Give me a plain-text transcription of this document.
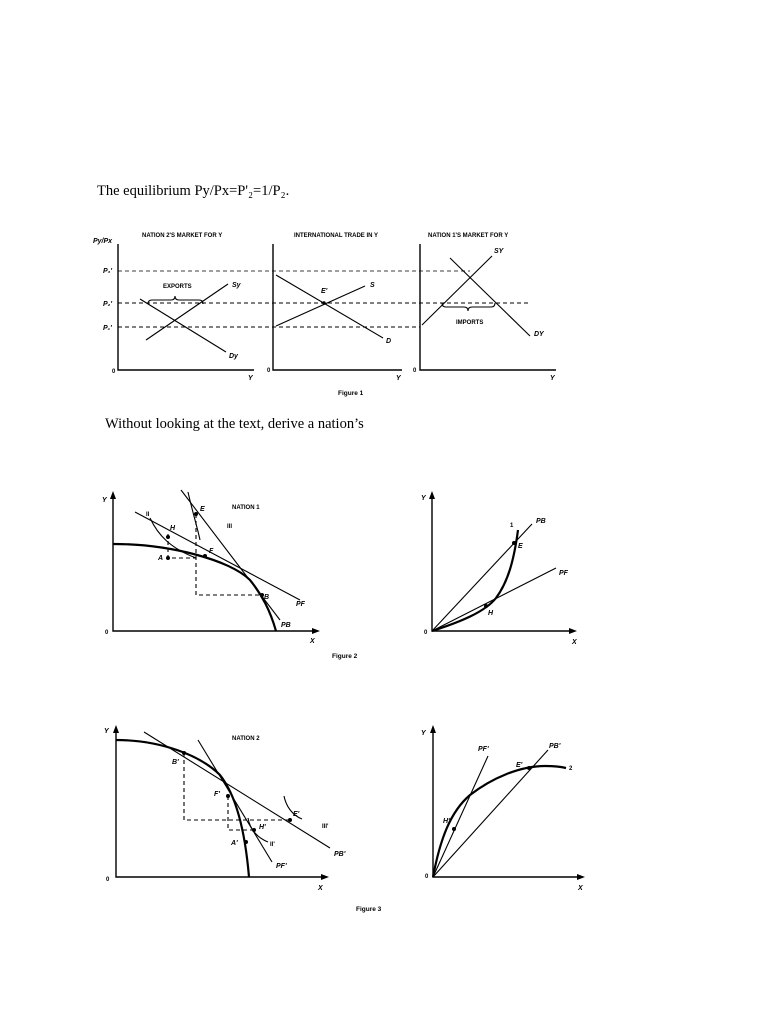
The equilibrium Py/Px=P'₂=1/P₂.
Without looking at the text, derive a nation’s
NATION 2'S MARKET FOR Y	INTERNATIONAL TRADE IN Y	NATION 1'S MARKET FOR Y
Py/Px
P₃'
P₂'
P₁'
EXPORTS	Sy
Dy
0
Y
E'
S
D
0
Y
IMPORTS
SY
DY
0
Y
Figure 1
NATION 1
E
H
A
F
B
II
III
PF
PB
0
Y
X
1
E
H
PB
PF
0
Y
X
Figure 2
NATION 2
B'
F'
E'
H'
A'
III'
II'
PB'
PF'
0
Y
X
2
E'
H'
PF'	PB'
0
Y
X
Figure 3
